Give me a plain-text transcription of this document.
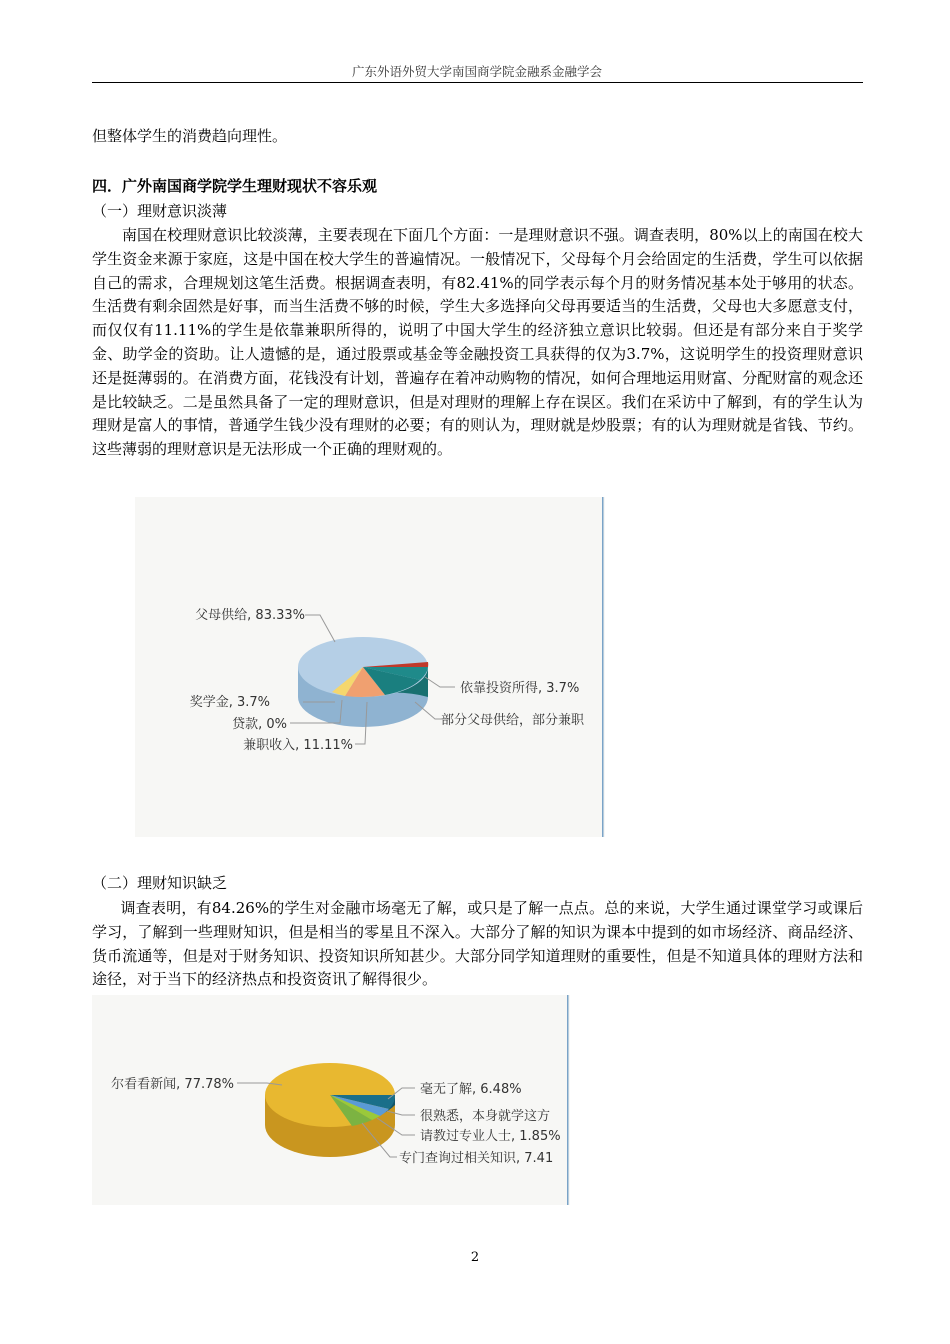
广东外语外贸大学南国商学院金融系金融学会
但整体学生的消费趋向理性。
四．广外南国商学院学生理财现状不容乐观
（一）理财意识淡薄
南国在校理财意识比较淡薄，主要表现在下面几个方面：一是理财意识不强。调查表明，80%以上的南国在校大学生资金来源于家庭，这是中国在校大学生的普遍情况。一般情况下，父母每个月会给固定的生活费，学生可以依据自己的需求，合理规划这笔生活费。根据调查表明，有82.41%的同学表示每个月的财务情况基本处于够用的状态。生活费有剩余固然是好事，而当生活费不够的时候，学生大多选择向父母再要适当的生活费，父母也大多愿意支付，而仅仅有11.11%的学生是依靠兼职所得的，说明了中国大学生的经济独立意识比较弱。但还是有部分来自于奖学金、助学金的资助。让人遗憾的是，通过股票或基金等金融投资工具获得的仅为3.7%，这说明学生的投资理财意识还是挺薄弱的。在消费方面，花钱没有计划，普遍存在着冲动购物的情况，如何合理地运用财富、分配财富的观念还是比较缺乏。二是虽然具备了一定的理财意识，但是对理财的理解上存在误区。我们在采访中了解到，有的学生认为理财是富人的事情，普通学生钱少没有理财的必要；有的则认为，理财就是炒股票；有的认为理财就是省钱、节约。这些薄弱的理财意识是无法形成一个正确的理财观的。
父母供给, 83.33%
依靠投资所得, 3.7%
部分父母供给，部分兼职
奖学金, 3.7%
贷款, 0%
兼职收入, 11.11%
（二）理财知识缺乏
调查表明，有84.26%的学生对金融市场毫无了解，或只是了解一点点。总的来说，大学生通过课堂学习或课后学习，了解到一些理财知识，但是相当的零星且不深入。大部分了解的知识为课本中提到的如市场经济、商品经济、货币流通等，但是对于财务知识、投资知识所知甚少。大部分同学知道理财的重要性，但是不知道具体的理财方法和途径，对于当下的经济热点和投资资讯了解得很少。
尔看看新闻, 77.78%	毫无了解, 6.48%
很熟悉，本身就学这方
请教过专业人士, 1.85%
专门查询过相关知识, 7.41
2
